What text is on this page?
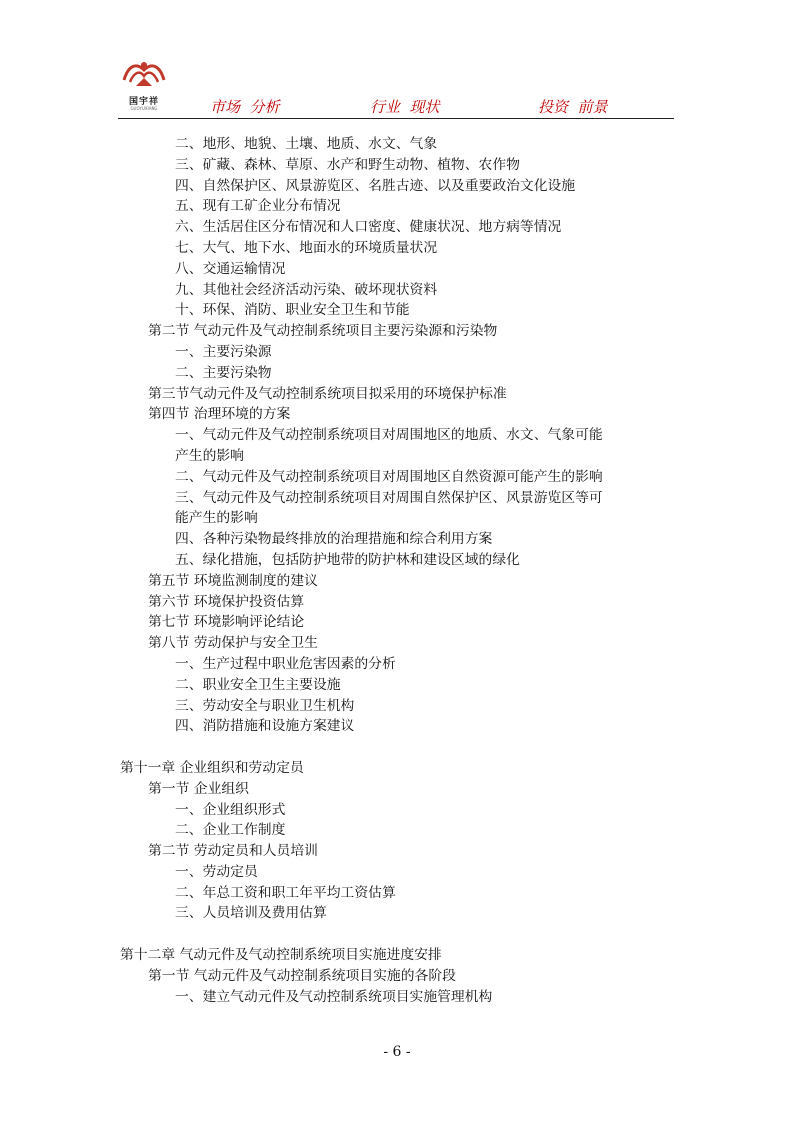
国宇祥
GUOYUXIANG	市场  分析	行业  现状	投资  前景
二、地形、地貌、土壤、地质、水文、气象
三、矿藏、森林、草原、水产和野生动物、植物、农作物
四、自然保护区、风景游览区、名胜古迹、以及重要政治文化设施
五、现有工矿企业分布情况
六、生活居住区分布情况和人口密度、健康状况、地方病等情况
七、大气、地下水、地面水的环境质量状况
八、交通运输情况
九、其他社会经济活动污染、破坏现状资料
十、环保、消防、职业安全卫生和节能
第二节 气动元件及气动控制系统项目主要污染源和污染物
一、主要污染源
二、主要污染物
第三节气动元件及气动控制系统项目拟采用的环境保护标准
第四节 治理环境的方案
一、气动元件及气动控制系统项目对周围地区的地质、水文、气象可能
产生的影响
二、气动元件及气动控制系统项目对周围地区自然资源可能产生的影响
三、气动元件及气动控制系统项目对周围自然保护区、风景游览区等可
能产生的影响
四、各种污染物最终排放的治理措施和综合利用方案
五、绿化措施，包括防护地带的防护林和建设区域的绿化
第五节 环境监测制度的建议
第六节 环境保护投资估算
第七节 环境影响评论结论
第八节 劳动保护与安全卫生
一、生产过程中职业危害因素的分析
二、职业安全卫生主要设施
三、劳动安全与职业卫生机构
四、消防措施和设施方案建议
第十一章 企业组织和劳动定员
第一节 企业组织
一、企业组织形式
二、企业工作制度
第二节 劳动定员和人员培训
一、劳动定员
二、年总工资和职工年平均工资估算
三、人员培训及费用估算
第十二章 气动元件及气动控制系统项目实施进度安排
第一节 气动元件及气动控制系统项目实施的各阶段
一、建立气动元件及气动控制系统项目实施管理机构
- 6 -
